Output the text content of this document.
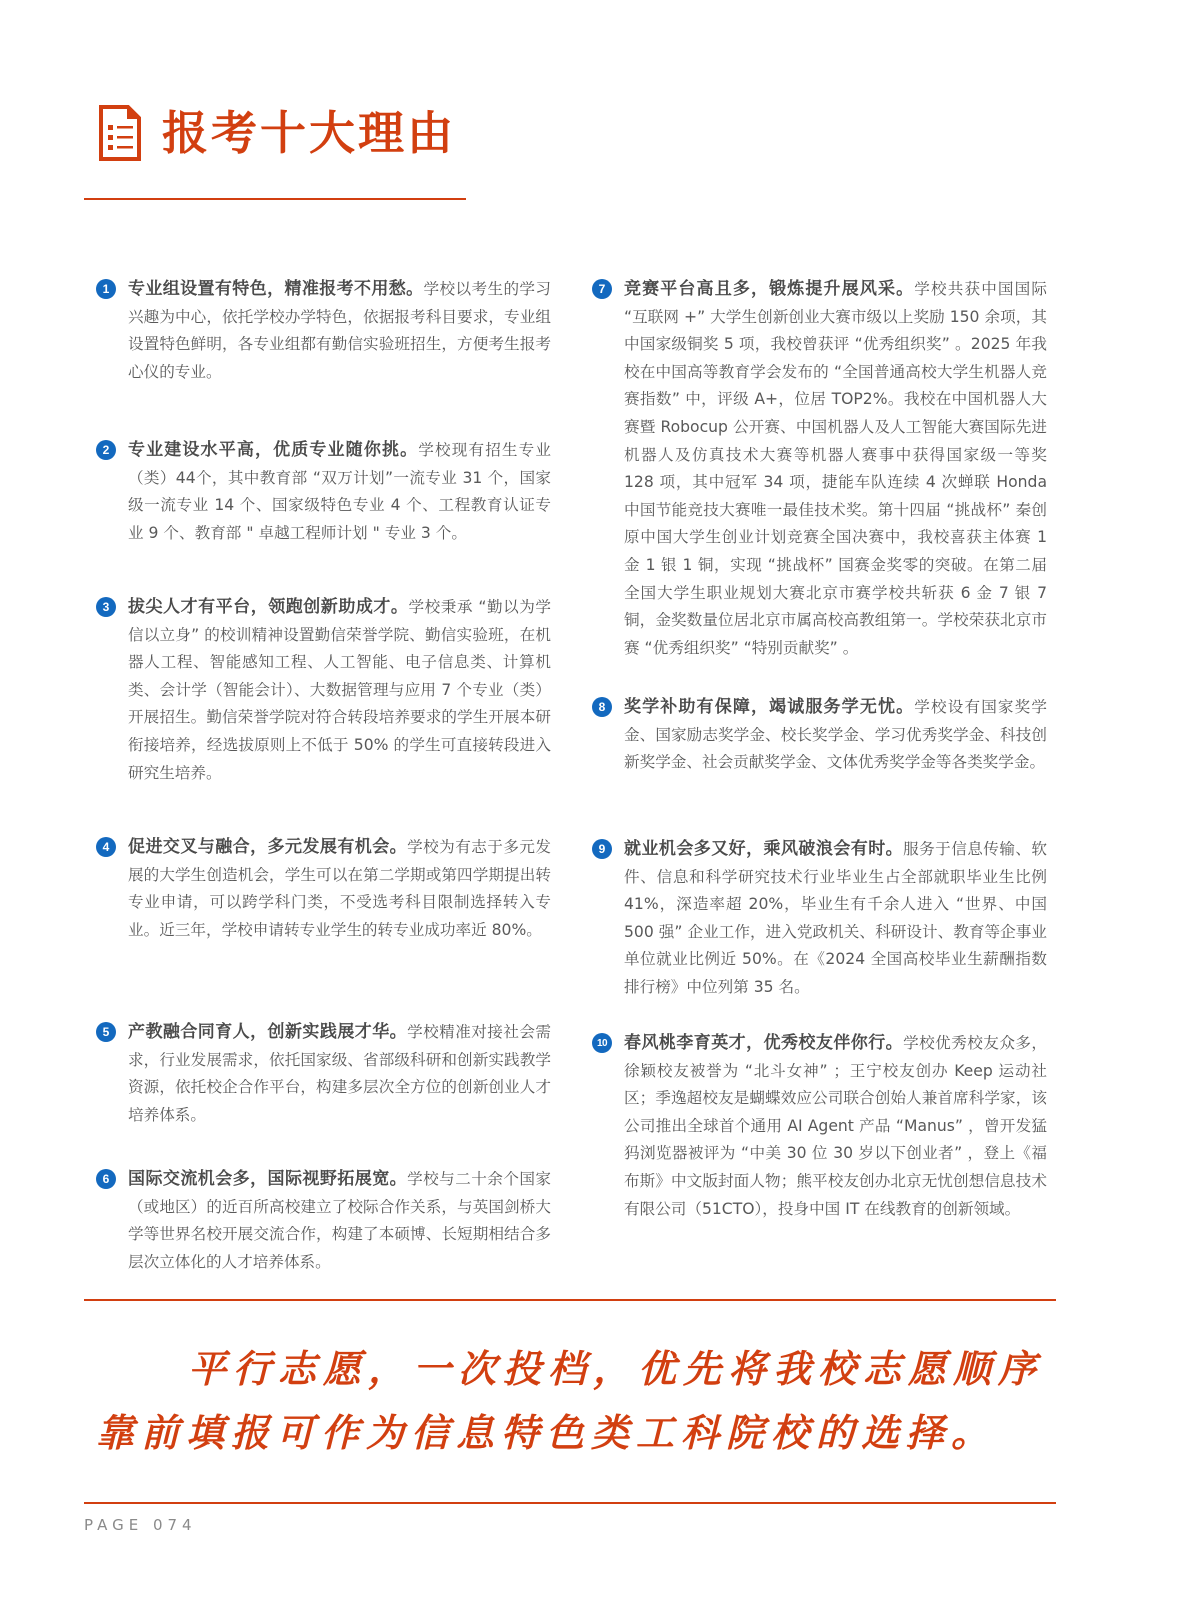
报考十大理由
1	专业组设置有特色，精准报考不用愁。学校以考生的学习兴趣为中心，依托学校办学特色，依据报考科目要求，专业组设置特色鲜明，各专业组都有勤信实验班招生，方便考生报考心仪的专业。
2	专业建设水平高，优质专业随你挑。学校现有招生专业（类）44个，其中教育部 “双万计划”一流专业 31 个，国家级一流专业 14 个、国家级特色专业 4 个、工程教育认证专业 9 个、教育部 " 卓越工程师计划 " 专业 3 个。
3	拔尖人才有平台，领跑创新助成才。学校秉承 “勤以为学 信以立身” 的校训精神设置勤信荣誉学院、勤信实验班，在机器人工程、智能感知工程、人工智能、电子信息类、计算机类、会计学（智能会计）、大数据管理与应用 7 个专业（类）开展招生。勤信荣誉学院对符合转段培养要求的学生开展本研衔接培养，经选拔原则上不低于 50% 的学生可直接转段进入研究生培养。
4	促进交叉与融合，多元发展有机会。学校为有志于多元发展的大学生创造机会，学生可以在第二学期或第四学期提出转专业申请，可以跨学科门类，不受选考科目限制选择转入专业。近三年，学校申请转专业学生的转专业成功率近 80%。
5	产教融合同育人，创新实践展才华。学校精准对接社会需求，行业发展需求，依托国家级、省部级科研和创新实践教学资源，依托校企合作平台，构建多层次全方位的创新创业人才培养体系。
6	国际交流机会多，国际视野拓展宽。学校与二十余个国家（或地区）的近百所高校建立了校际合作关系，与英国剑桥大学等世界名校开展交流合作，构建了本硕博、长短期相结合多层次立体化的人才培养体系。
7	竞赛平台高且多，锻炼提升展风采。学校共获中国国际 “互联网 +” 大学生创新创业大赛市级以上奖励 150 余项，其中国家级铜奖 5 项，我校曾获评 “优秀组织奖” 。2025 年我校在中国高等教育学会发布的 “全国普通高校大学生机器人竞赛指数” 中，评级 A+，位居 TOP2%。我校在中国机器人大赛暨 Robocup 公开赛、中国机器人及人工智能大赛国际先进机器人及仿真技术大赛等机器人赛事中获得国家级一等奖 128 项，其中冠军 34 项，捷能车队连续 4 次蝉联 Honda 中国节能竞技大赛唯一最佳技术奖。第十四届 “挑战杯” 秦创原中国大学生创业计划竞赛全国决赛中，我校喜获主体赛 1 金 1 银 1 铜，实现 “挑战杯” 国赛金奖零的突破。在第二届全国大学生职业规划大赛北京市赛学校共斩获 6 金 7 银 7 铜，金奖数量位居北京市属高校高教组第一。学校荣获北京市赛 “优秀组织奖” “特别贡献奖” 。
8	奖学补助有保障，竭诚服务学无忧。学校设有国家奖学金、国家励志奖学金、校长奖学金、学习优秀奖学金、科技创新奖学金、社会贡献奖学金、文体优秀奖学金等各类奖学金。
9	就业机会多又好，乘风破浪会有时。服务于信息传输、软件、信息和科学研究技术行业毕业生占全部就职毕业生比例 41%，深造率超 20%，毕业生有千余人进入 “世界、中国 500 强” 企业工作，进入党政机关、科研设计、教育等企事业单位就业比例近 50%。在《2024 全国高校毕业生薪酬指数排行榜》中位列第 35 名。
10 春风桃李育英才，优秀校友伴你行。学校优秀校友众多，徐颖校友被誉为 “北斗女神” ；王宁校友创办 Keep 运动社区；季逸超校友是蝴蝶效应公司联合创始人兼首席科学家，该公司推出全球首个通用 AI Agent 产品 “Manus” ，曾开发猛犸浏览器被评为 “中美 30 位 30 岁以下创业者” ，登上《福布斯》中文版封面人物；熊平校友创办北京无忧创想信息技术有限公司（51CTO），投身中国 IT 在线教育的创新领域。
平行志愿，一次投档，优先将我校志愿顺序
靠前填报可作为信息特色类工科院校的选择。
PAGE 074
